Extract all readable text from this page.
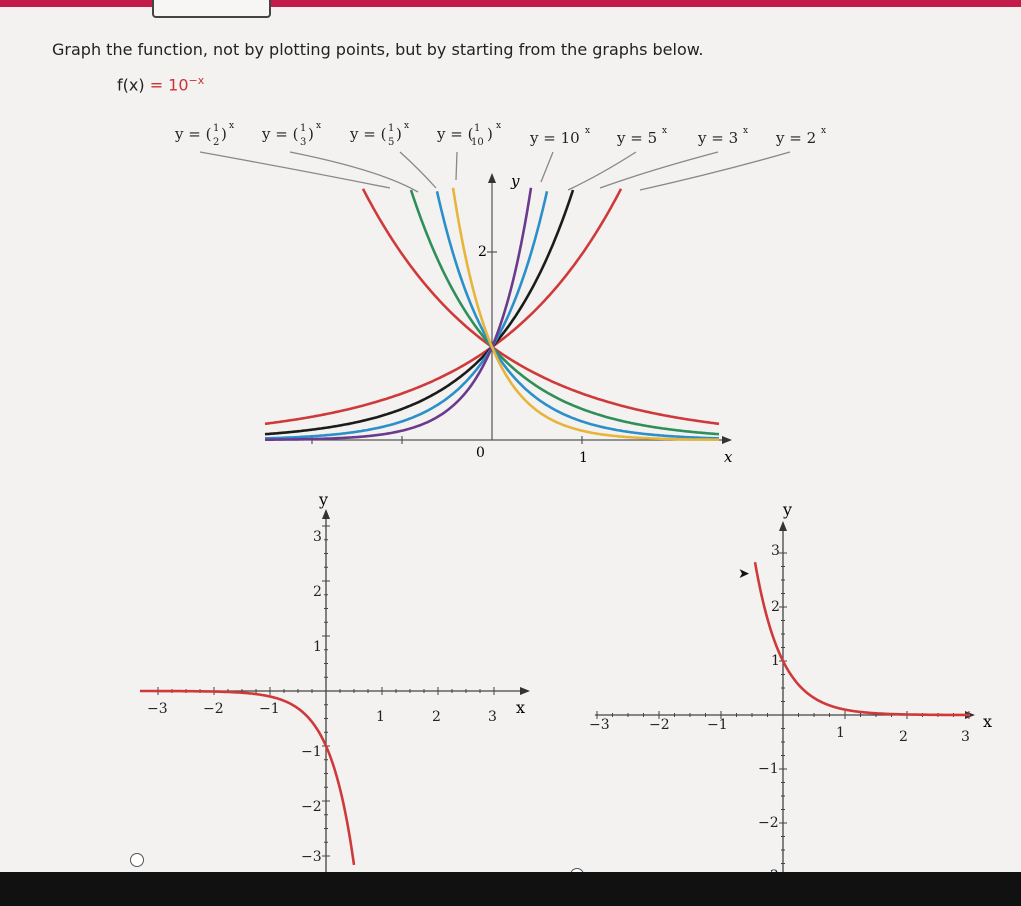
Graph the function, not by plotting points, but by starting from the graphs below.
$f(x) = 10^{-x}$
y = ( 1
2 ) x y = ( 1
3 ) x y = ( 1
5 ) x y = ( 1
10 ) x
y = 10 x y = 5 x y = 3 x y = 2 x
y
x
2
0	1
y
x
−3	−2	−1	1	2	3
3
2
1
−1
−2
−3
y
x
−3	−2	−1	1	2	3
3
2
1
−1
−2
➤
